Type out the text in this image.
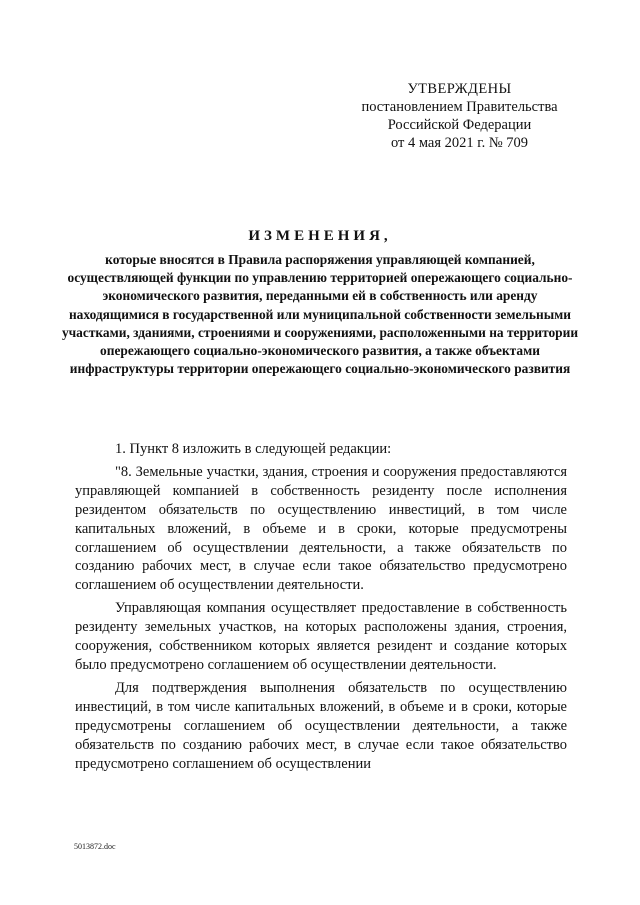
УТВЕРЖДЕНЫ
постановлением Правительства
Российской Федерации
от 4 мая 2021 г. № 709
ИЗМЕНЕНИЯ,
которые вносятся в Правила распоряжения управляющей компанией, осуществляющей функции по управлению территорией опережающего социально-экономического развития, переданными ей в собственность или аренду находящимися в государственной или муниципальной собственности земельными участками, зданиями, строениями и сооружениями, расположенными на территории опережающего социально-экономического развития, а также объектами инфраструктуры территории опережающего социально-экономического развития

1. Пункт 8 изложить в следующей редакции:

"8. Земельные участки, здания, строения и сооружения предоставляются управляющей компанией в собственность резиденту после исполнения резидентом обязательств по осуществлению инвестиций, в том числе капитальных вложений, в объеме и в сроки, которые предусмотрены соглашением об осуществлении деятельности, а также обязательств по созданию рабочих мест, в случае если такое обязательство предусмотрено соглашением об осуществлении деятельности.

Управляющая компания осуществляет предоставление в собственность резиденту земельных участков, на которых расположены здания, строения, сооружения, собственником которых является резидент и создание которых было предусмотрено соглашением об осуществлении деятельности.

Для подтверждения выполнения обязательств по осуществлению инвестиций, в том числе капитальных вложений, в объеме и в сроки, которые предусмотрены соглашением об осуществлении деятельности, а также обязательств по созданию рабочих мест, в случае если такое обязательство предусмотрено соглашением об осуществлении

5013872.doc
